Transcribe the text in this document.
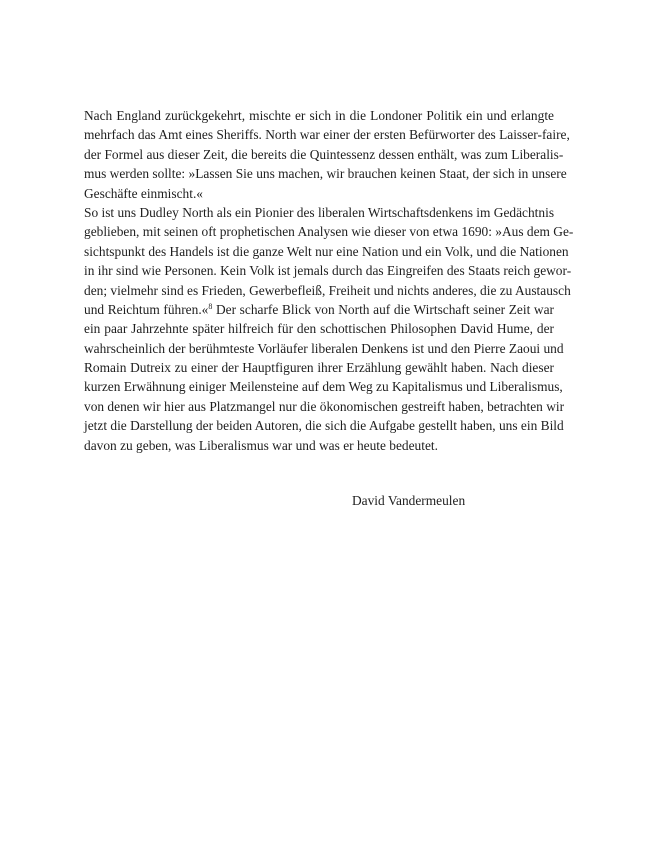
Nach England zurückgekehrt, mischte er sich in die Londoner Politik ein und erlangte
mehrfach das Amt eines Sheriffs. North war einer der ersten Befürworter des Laisser-faire,
der Formel aus dieser Zeit, die bereits die Quintessenz dessen enthält, was zum Liberalis-
mus werden sollte: »Lassen Sie uns machen, wir brauchen keinen Staat, der sich in unsere
Geschäfte einmischt.«
So ist uns Dudley North als ein Pionier des liberalen Wirtschaftsdenkens im Gedächtnis
geblieben, mit seinen oft prophetischen Analysen wie dieser von etwa 1690: »Aus dem Ge-
sichtspunkt des Handels ist die ganze Welt nur eine Nation und ein Volk, und die Nationen
in ihr sind wie Personen. Kein Volk ist jemals durch das Eingreifen des Staats reich gewor-
den; vielmehr sind es Frieden, Gewerbefleiß, Freiheit und nichts anderes, die zu Austausch
und Reichtum führen.«$^8$ Der scharfe Blick von North auf die Wirtschaft seiner Zeit war
ein paar Jahrzehnte später hilfreich für den schottischen Philosophen David Hume, der
wahrscheinlich der berühmteste Vorläufer liberalen Denkens ist und den Pierre Zaoui und
Romain Dutreix zu einer der Hauptfiguren ihrer Erzählung gewählt haben. Nach dieser
kurzen Erwähnung einiger Meilensteine auf dem Weg zu Kapitalismus und Liberalismus,
von denen wir hier aus Platzmangel nur die ökonomischen gestreift haben, betrachten wir
jetzt die Darstellung der beiden Autoren, die sich die Aufgabe gestellt haben, uns ein Bild
davon zu geben, was Liberalismus war und was er heute bedeutet.
David Vandermeulen
